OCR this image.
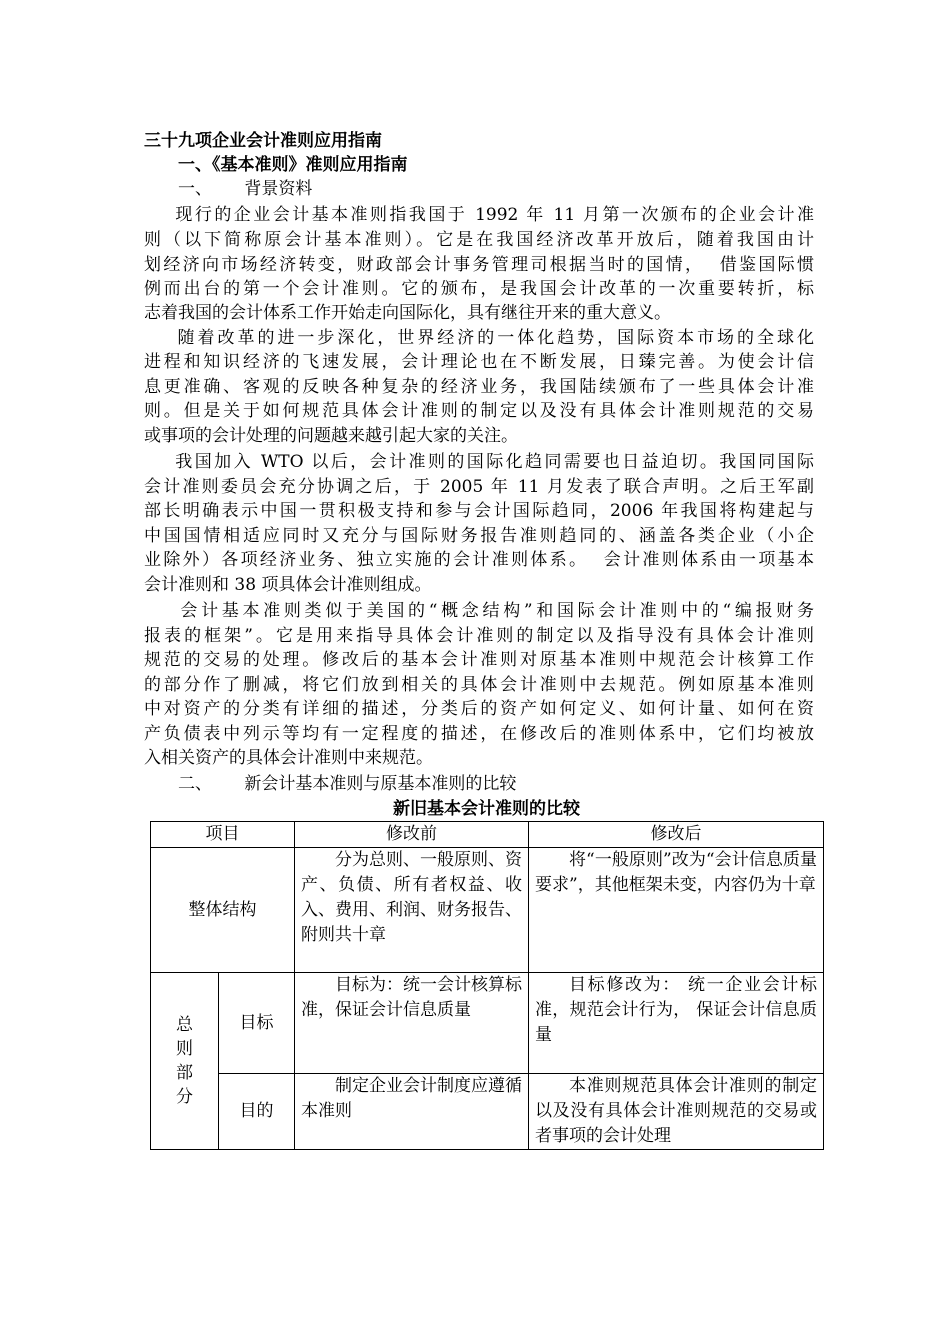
三十九项企业会计准则应用指南
一、《基本准则》准则应用指南
一、      背景资料
现行的企业会计基本准则指我国于 1992 年 11 月第一次颁布的企业会计准
则（以下简称原会计基本准则）。它是在我国经济改革开放后，随着我国由计
划经济向市场经济转变，财政部会计事务管理司根据当时的国情，  借鉴国际惯
例而出台的第一个会计准则。它的颁布，是我国会计改革的一次重要转折，标
志着我国的会计体系工作开始走向国际化，具有继往开来的重大意义。
随着改革的进一步深化，世界经济的一体化趋势，国际资本市场的全球化
进程和知识经济的飞速发展，会计理论也在不断发展，日臻完善。为使会计信
息更准确、客观的反映各种复杂的经济业务，我国陆续颁布了一些具体会计准
则。但是关于如何规范具体会计准则的制定以及没有具体会计准则规范的交易
或事项的会计处理的问题越来越引起大家的关注。
我国加入 WTO 以后，会计准则的国际化趋同需要也日益迫切。我国同国际
会计准则委员会充分协调之后，于 2005 年 11 月发表了联合声明。之后王军副
部长明确表示中国一贯积极支持和参与会计国际趋同，2006 年我国将构建起与
中国国情相适应同时又充分与国际财务报告准则趋同的、涵盖各类企业（小企
业除外）各项经济业务、独立实施的会计准则体系。  会计准则体系由一项基本
会计准则和 38 项具体会计准则组成。
会计基本准则类似于美国的“概念结构”和国际会计准则中的“编报财务
报表的框架”。它是用来指导具体会计准则的制定以及指导没有具体会计准则
规范的交易的处理。修改后的基本会计准则对原基本准则中规范会计核算工作
的部分作了删减，将它们放到相关的具体会计准则中去规范。例如原基本准则
中对资产的分类有详细的描述，分类后的资产如何定义、如何计量、如何在资
产负债表中列示等均有一定程度的描述，在修改后的准则体系中，它们均被放
入相关资产的具体会计准则中来规范。
二、      新会计基本准则与原基本准则的比较
新旧基本会计准则的比较
项目		修改前	修改后
整体结构		分为总则、一般原则、资产、负债、所有者权益、收入、费用、利润、财务报告、附则共十章	将“一般原则”改为“会计信息质量要求”，其他框架未变，内容仍为十章

总则部分	目标	目标为：统一会计核算标准，保证会计信息质量	目标修改为： 统一企业会计标准，规范会计行为， 保证会计信息质量

	目的	制定企业会计制度应遵循本准则	本准则规范具体会计准则的制定以及没有具体会计准则规范的交易或者事项的会计处理
